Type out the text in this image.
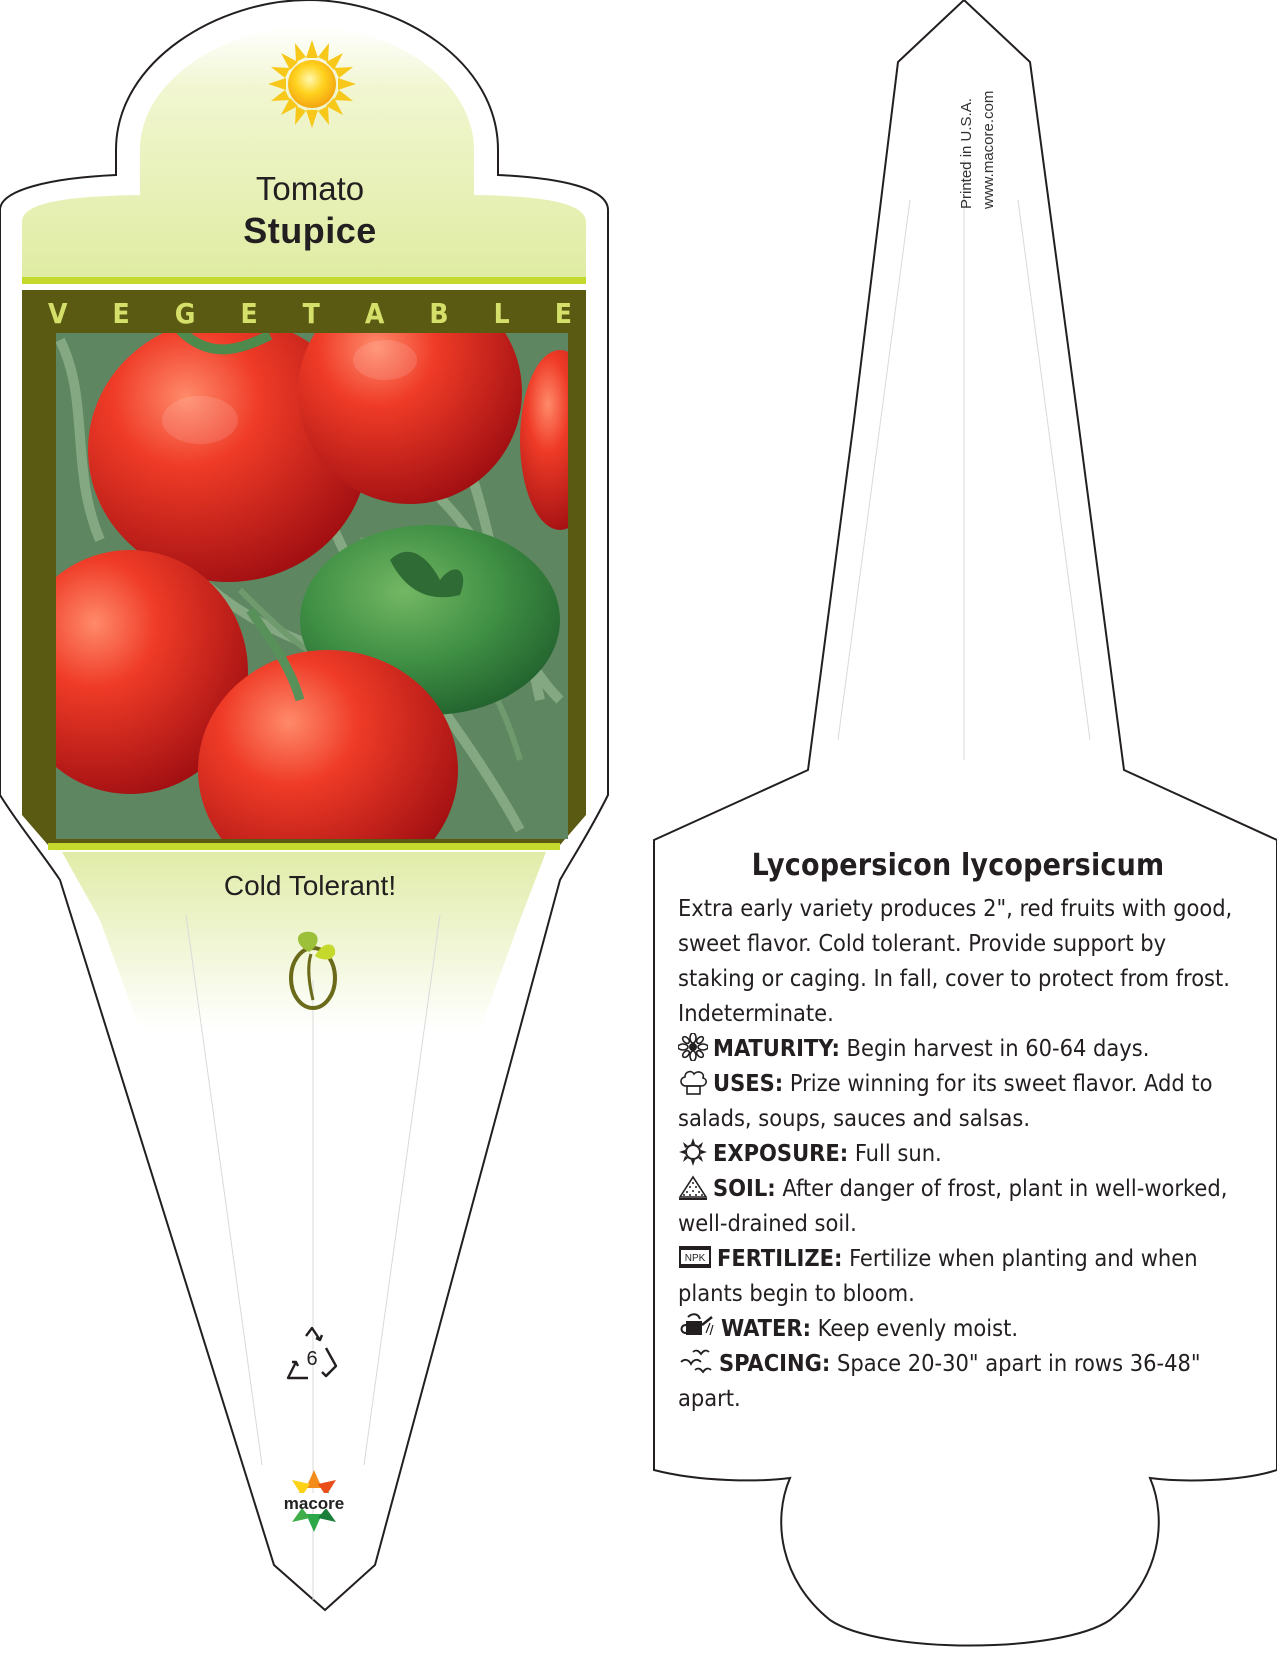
Tomato
Stupice
V E G E T A B L E
Cold Tolerant!
6
macore
Printed in U.S.A. www.macore.com
Lycopersicon lycopersicum

Extra early variety produces 2", red fruits with good, sweet flavor. Cold tolerant. Provide support by staking or caging. In fall, cover to protect from frost. Indeterminate.

MATURITY: Begin harvest in 60-64 days.

USES: Prize winning for its sweet flavor. Add to salads, soups, sauces and salsas.

EXPOSURE: Full sun.

SOIL: After danger of frost, plant in well-worked, well-drained soil.

NPK FERTILIZE: Fertilize when planting and when plants begin to bloom.

WATER: Keep evenly moist.

SPACING: Space 20-30" apart in rows 36-48" apart.
